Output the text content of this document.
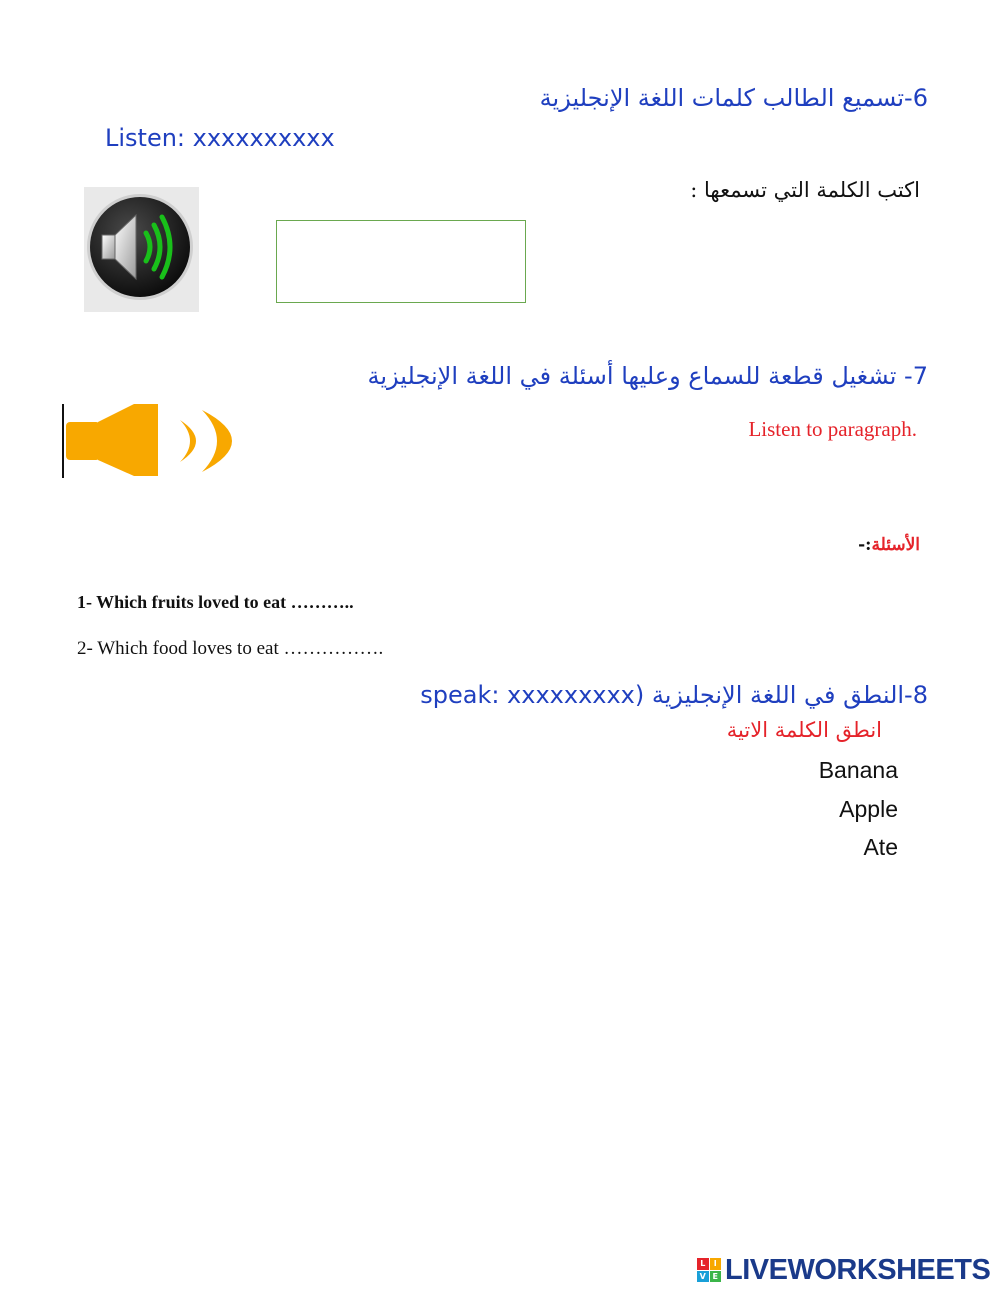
6-تسميع الطالب كلمات اللغة الإنجليزية
Listen: xxxxxxxxxx
اكتب الكلمة التي تسمعها :
7- تشغيل قطعة للسماع وعليها أسئلة في اللغة الإنجليزية
Listen to paragraph.
الأسئلة:-
1- Which fruits loved to eat ………..
2- Which food loves to eat …………….
8-النطق في اللغة الإنجليزية (speak: xxxxxxxxx
انطق الكلمة الاتية
Banana
Apple
Ate
L	I
V E LIVEWORKSHEETS
